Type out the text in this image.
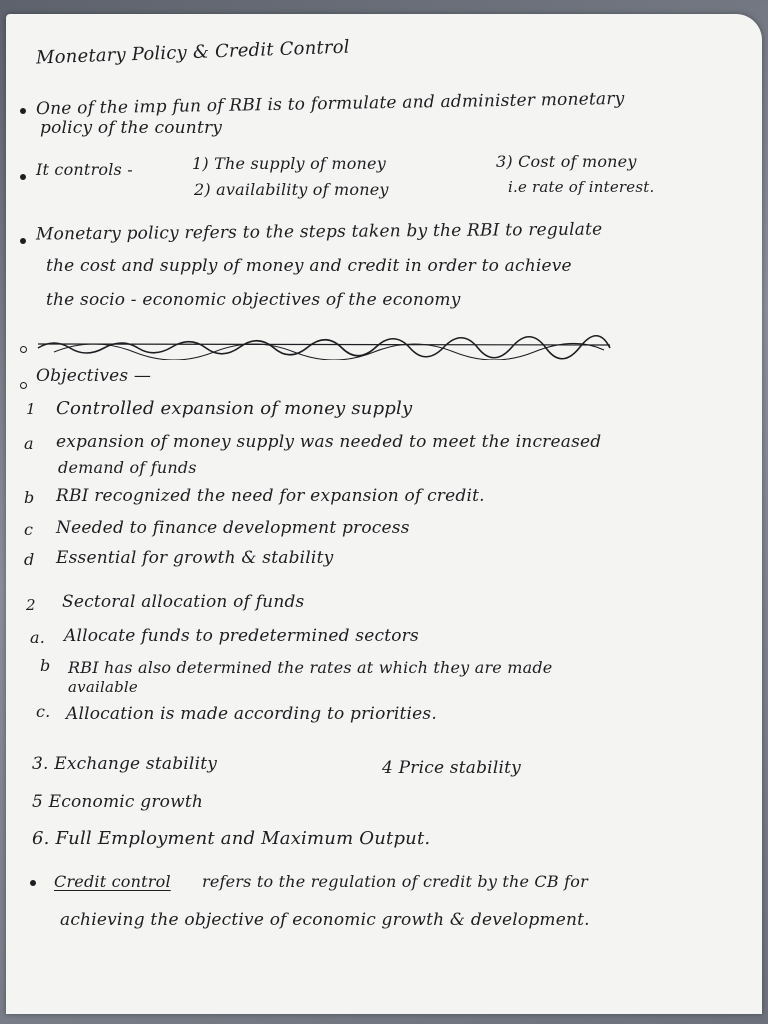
Monetary Policy & Credit Control
One of the imp fun of RBI is to formulate and administer monetary
policy of the country
It controls -	1) The supply of money
2) availability of money
3) Cost of money
i.e rate of interest.
Monetary policy refers to the steps taken by the RBI to regulate
the cost and supply of money and credit in order to achieve
the socio - economic objectives of the economy
Objectives —
1 Controlled expansion of money supply
a expansion of money supply was needed to meet the increased
demand of funds
b RBI recognized the need for expansion of credit.
c Needed to finance development process
d Essential for growth & stability
2 Sectoral allocation of funds
a. Allocate funds to predetermined sectors
b RBI has also determined the rates at which they are made
available
c. Allocation is made according to priorities.
3. Exchange stability	4 Price stability
5 Economic growth
6. Full Employment and Maximum Output.
Credit control refers to the regulation of credit by the CB for
achieving the objective of economic growth & development.
